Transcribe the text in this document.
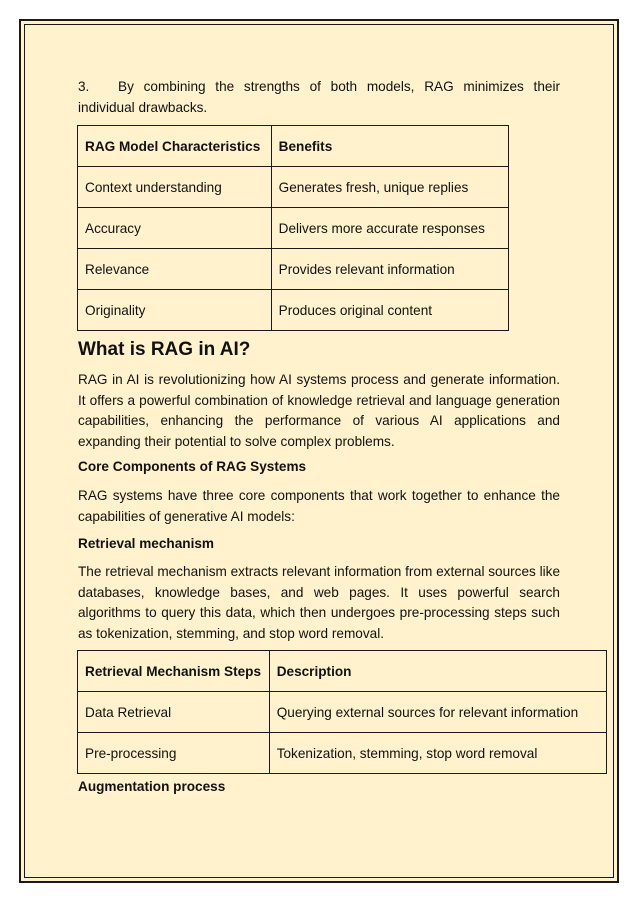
3. By combining the strengths of both models, RAG minimizes their individual drawbacks.

RAG Model Characteristics	Benefits
Context understanding	Generates fresh, unique replies
Accuracy	Delivers more accurate responses
Relevance	Provides relevant information
Originality	Produces original content
What is RAG in AI?

RAG in AI is revolutionizing how AI systems process and generate information. It offers a powerful combination of knowledge retrieval and language generation capabilities, enhancing the performance of various AI applications and expanding their potential to solve complex problems.

Core Components of RAG Systems

RAG systems have three core components that work together to enhance the capabilities of generative AI models:

Retrieval mechanism

The retrieval mechanism extracts relevant information from external sources like databases, knowledge bases, and web pages. It uses powerful search algorithms to query this data, which then undergoes pre-processing steps such as tokenization, stemming, and stop word removal.

Retrieval Mechanism Steps	Description
Data Retrieval	Querying external sources for relevant information
Pre-processing	Tokenization, stemming, stop word removal
Augmentation process
